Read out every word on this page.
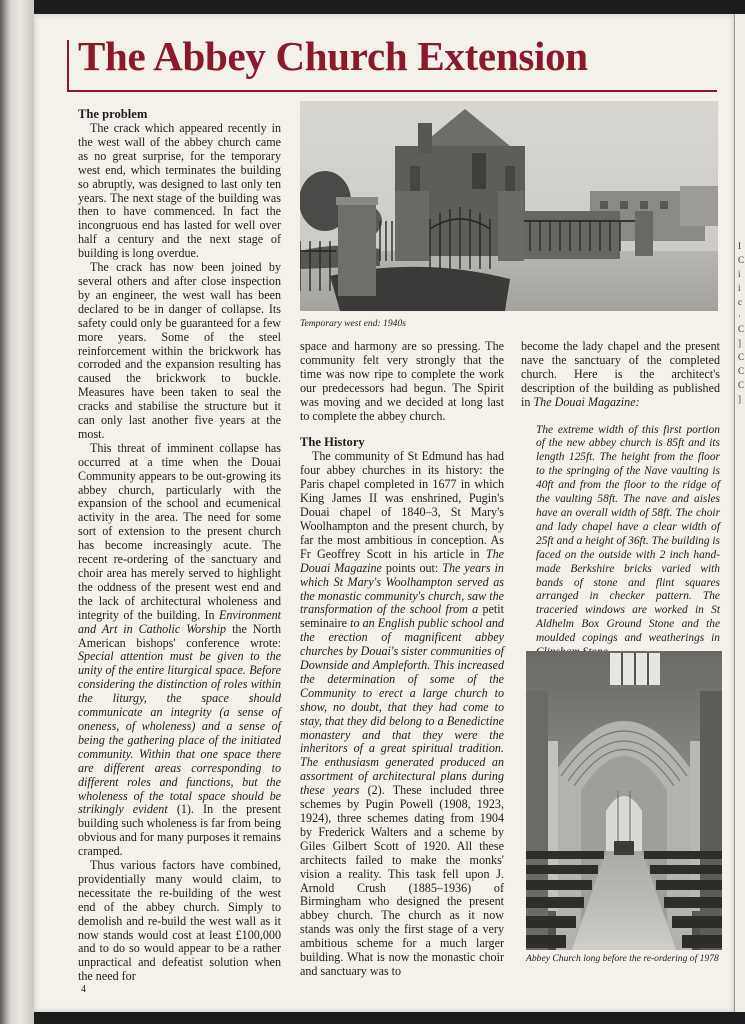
I
C
i
i
c
·
C
]
C
C
C
]
The Abbey Church Extension
The problem

The crack which appeared recently in the west wall of the abbey church came as no great surprise, for the temporary west end, which terminates the building so abruptly, was designed to last only ten years. The next stage of the building was then to have commenced. In fact the incongruous end has lasted for well over half a century and the next stage of building is long overdue.

The crack has now been joined by several others and after close inspection by an engineer, the west wall has been declared to be in danger of collapse. Its safety could only be guaranteed for a few more years. Some of the steel reinforcement within the brickwork has corroded and the expansion resulting has caused the brickwork to buckle. Measures have been taken to seal the cracks and stabilise the structure but it can only last another five years at the most.

This threat of imminent collapse has occurred at a time when the Douai Community appears to be out-growing its abbey church, particularly with the expansion of the school and ecumenical activity in the area. The need for some sort of extension to the present church has become increasingly acute. The recent re-ordering of the sanctuary and choir area has merely served to highlight the oddness of the present west end and the lack of architectural wholeness and integrity of the building. In Environment and Art in Catholic Worship the North American bishops' conference wrote: Special attention must be given to the unity of the entire liturgical space. Before considering the distinction of roles within the liturgy, the space should communicate an integrity (a sense of oneness, of wholeness) and a sense of being the gathering place of the initiated community. Within that one space there are different areas corresponding to different roles and functions, but the wholeness of the total space should be strikingly evident (1). In the present building such wholeness is far from being obvious and for many purposes it remains cramped.

Thus various factors have combined, providentially many would claim, to necessitate the re-building of the west end of the abbey church. Simply to demolish and re-build the west wall as it now stands would cost at least £100,000 and to do so would appear to be a rather unpractical and defeatist solution when the need for

Temporary west end: 1940s

space and harmony are so pressing. The community felt very strongly that the time was now ripe to complete the work our predecessors had begun. The Spirit was moving and we decided at long last to complete the abbey church.

The History

The community of St Edmund has had four abbey churches in its history: the Paris chapel completed in 1677 in which King James II was enshrined, Pugin's Douai chapel of 1840–3, St Mary's Woolhampton and the present church, by far the most ambitious in conception. As Fr Geoffrey Scott in his article in The Douai Magazine points out: The years in which St Mary's Woolhampton served as the monastic community's church, saw the transformation of the school from a petit seminaire to an English public school and the erection of magnificent abbey churches by Douai's sister communities of Downside and Ampleforth. This increased the determination of some of the Community to erect a large church to show, no doubt, that they had come to stay, that they did belong to a Benedictine monastery and that they were the inheritors of a great spiritual tradition. The enthusiasm generated produced an assortment of architectural plans during these years (2). These included three schemes by Pugin Powell (1908, 1923, 1924), three schemes dating from 1904 by Frederick Walters and a scheme by Giles Gilbert Scott of 1920. All these architects failed to make the monks' vision a reality. This task fell upon J. Arnold Crush (1885–1936) of Birmingham who designed the present abbey church. The church as it now stands was only the first stage of a very ambitious scheme for a much larger building. What is now the monastic choir and sanctuary was to

become the lady chapel and the present nave the sanctuary of the completed church. Here is the architect's description of the building as published in The Douai Magazine:

The extreme width of this first portion of the new abbey church is 85ft and its length 125ft. The height from the floor to the springing of the Nave vaulting is 40ft and from the floor to the ridge of the vaulting 58ft. The nave and aisles have an overall width of 58ft. The choir and lady chapel have a clear width of 25ft and a height of 36ft. The building is faced on the outside with 2 inch hand-made Berkshire bricks varied with bands of stone and flint squares arranged in checker pattern. The traceried windows are worked in St Aldhelm Box Ground Stone and the moulded copings and weatherings in

Abbey Church long before the re-ordering of 1978

4
